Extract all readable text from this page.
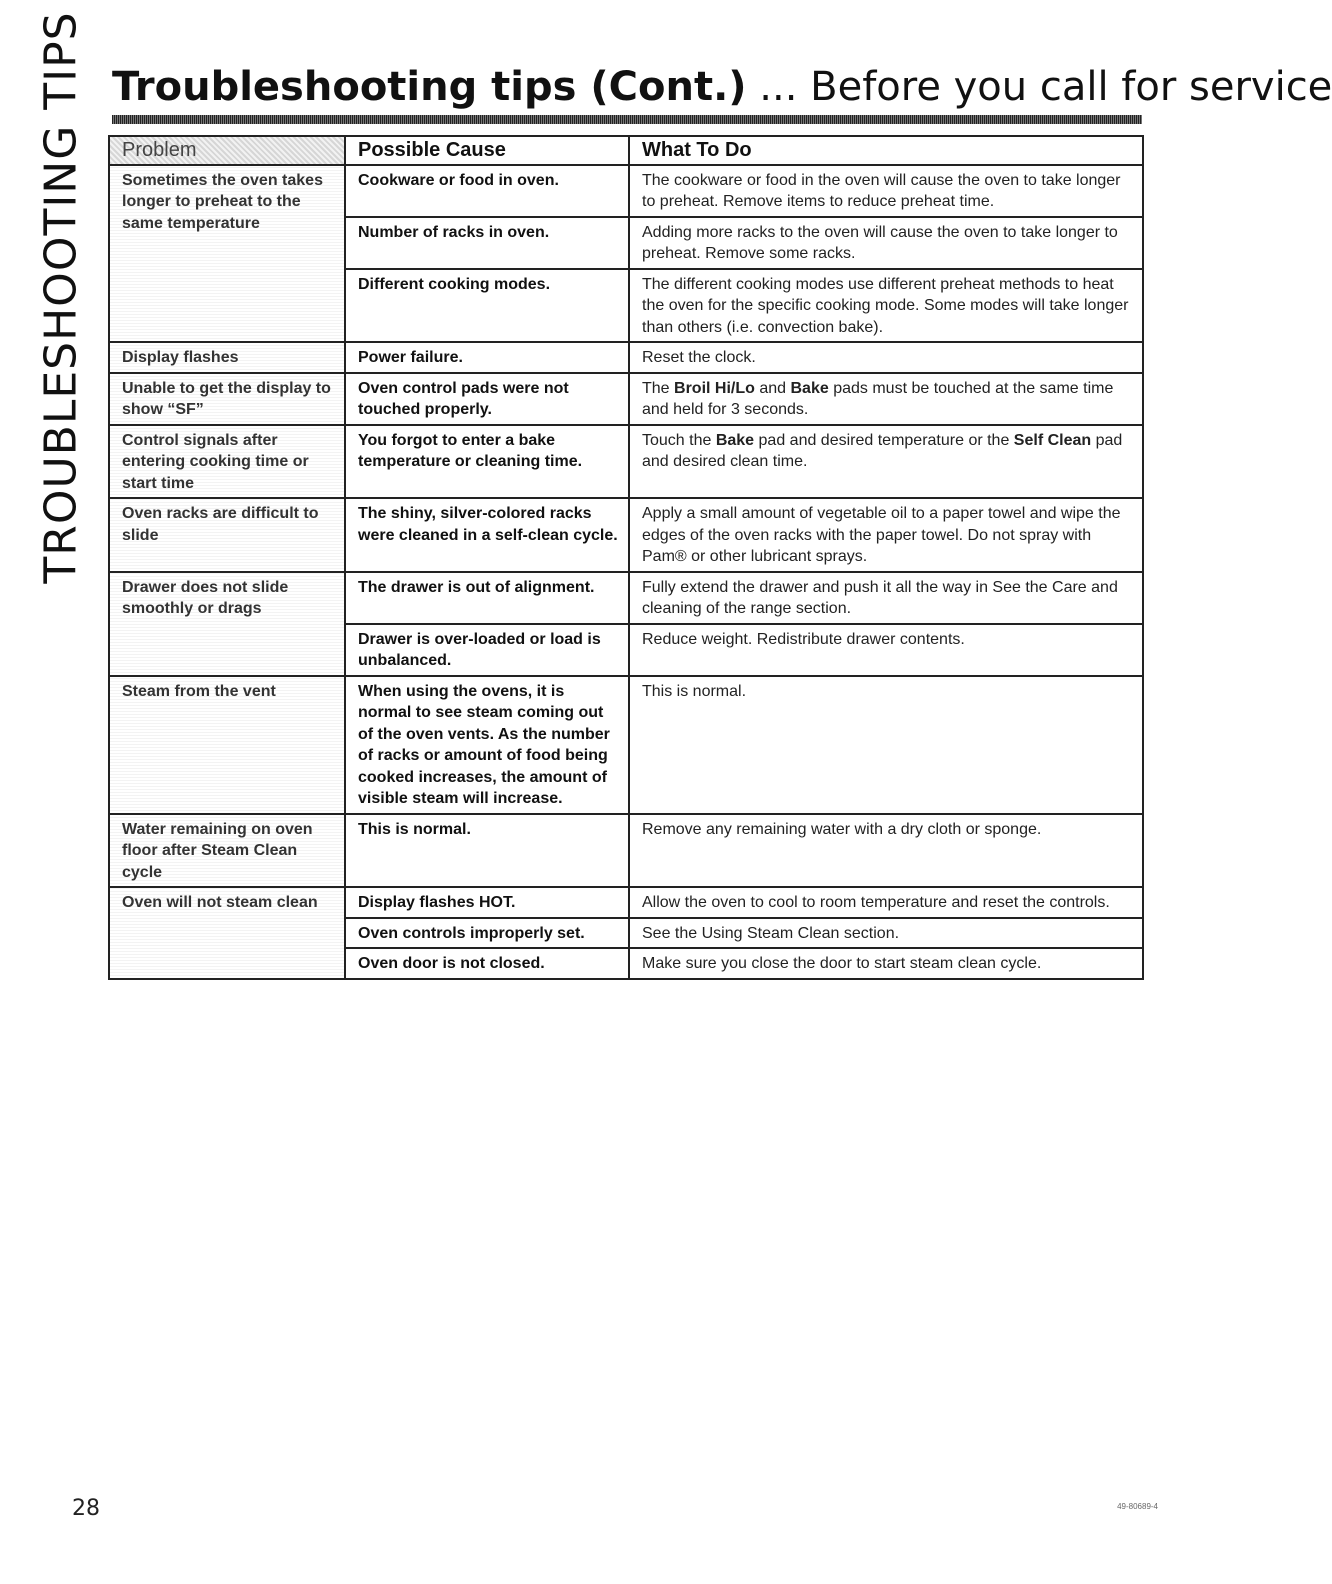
TROUBLESHOOTING TIPS Troubleshooting tips (Cont.) ... Before you call for service
Problem	Possible Cause	What To Do
Sometimes the oven takes longer to preheat to the same temperature	Cookware or food in oven.	The cookware or food in the oven will cause the oven to take longer to preheat. Remove items to reduce preheat time.
	Number of racks in oven.	Adding more racks to the oven will cause the oven to take longer to preheat. Remove some racks.
	Different cooking modes.	The different cooking modes use different preheat methods to heat the oven for the specific cooking mode. Some modes will take longer than others (i.e. convection bake).
Display flashes	Power failure.	Reset the clock.
Unable to get the display to show “SF”	Oven control pads were not touched properly.	The Broil Hi/Lo and Bake pads must be touched at the same time and held for 3 seconds.
Control signals after entering cooking time or start time	You forgot to enter a bake temperature or cleaning time.	Touch the Bake pad and desired temperature or the Self Clean pad and desired clean time.
Oven racks are difficult to slide	The shiny, silver-colored racks were cleaned in a self-clean cycle.	Apply a small amount of vegetable oil to a paper towel and wipe the edges of the oven racks with the paper towel. Do not spray with Pam® or other lubricant sprays.
Drawer does not slide smoothly or drags	The drawer is out of alignment.	Fully extend the drawer and push it all the way in See the Care and cleaning of the range section.
	Drawer is over-loaded or load is unbalanced.	Reduce weight. Redistribute drawer contents.
Steam from the vent	When using the ovens, it is normal to see steam coming out of the oven vents. As the number of racks or amount of food being cooked increases, the amount of visible steam will increase.	This is normal.
Water remaining on oven floor after Steam Clean cycle	This is normal.	Remove any remaining water with a dry cloth or sponge.
Oven will not steam clean	Display flashes HOT.	Allow the oven to cool to room temperature and reset the controls.
	Oven controls improperly set.	See the Using Steam Clean section.
	Oven door is not closed.	Make sure you close the door to start steam clean cycle.
28	49-80689-4
